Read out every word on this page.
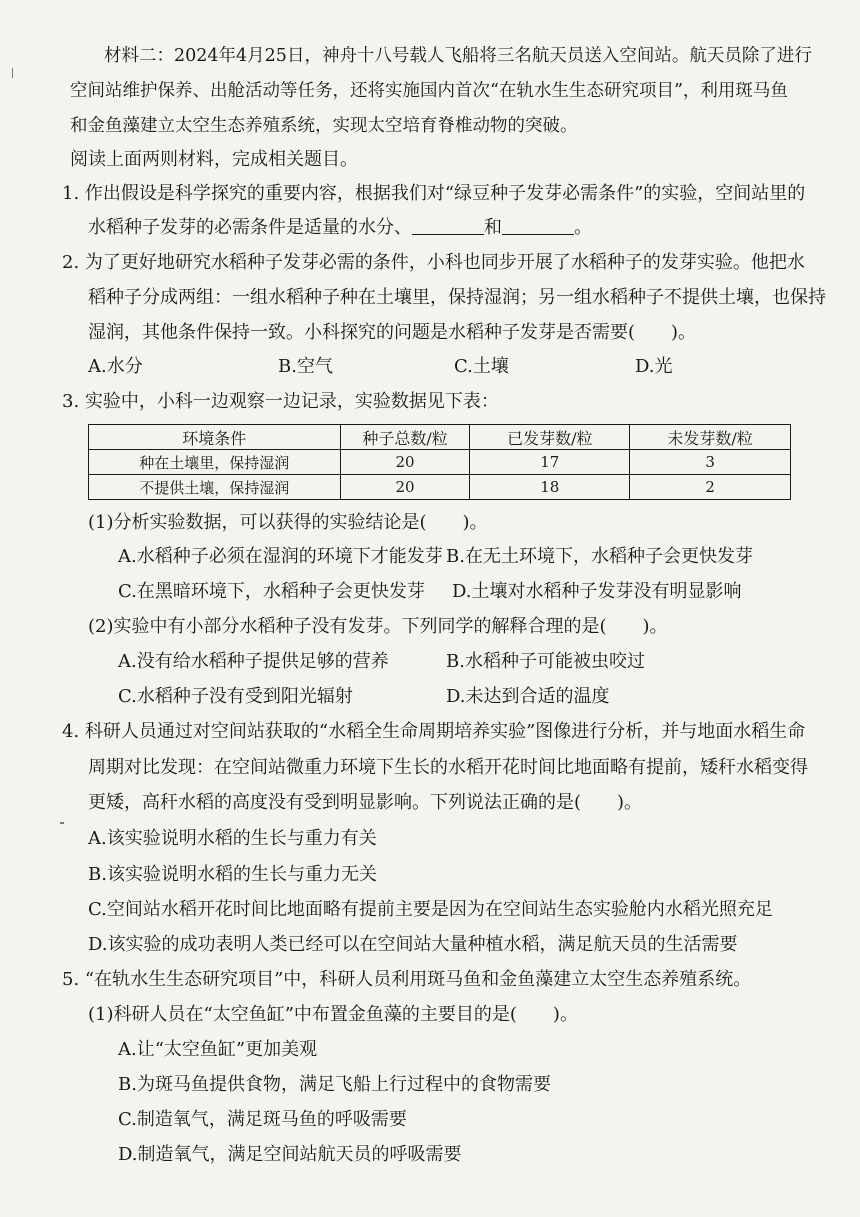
材料二：2024年4月25日，神舟十八号载人飞船将三名航天员送入空间站。航天员除了进行
空间站维护保养、出舱活动等任务，还将实施国内首次“在轨水生生态研究项目”，利用斑马鱼
和金鱼藻建立太空生态养殖系统，实现太空培育脊椎动物的突破。
阅读上面两则材料，完成相关题目。
1. 作出假设是科学探究的重要内容，根据我们对“绿豆种子发芽必需条件”的实验，空间站里的
水稻种子发芽的必需条件是适量的水分、	和	。
2. 为了更好地研究水稻种子发芽必需的条件，小科也同步开展了水稻种子的发芽实验。他把水
稻种子分成两组：一组水稻种子种在土壤里，保持湿润；另一组水稻种子不提供土壤，也保持
湿润，其他条件保持一致。小科探究的问题是水稻种子发芽是否需要(　　)。
A.水分	B.空气	C.土壤	D.光
3. 实验中，小科一边观察一边记录，实验数据见下表：
环境条件	种子总数/粒	已发芽数/粒	未发芽数/粒
种在土壤里，保持湿润	20	17	3
不提供土壤，保持湿润	20	18	2
(1)分析实验数据，可以获得的实验结论是(　　)。
A.水稻种子必须在湿润的环境下才能发芽 B.在无土环境下，水稻种子会更快发芽
C.在黑暗环境下，水稻种子会更快发芽 D.土壤对水稻种子发芽没有明显影响
(2)实验中有小部分水稻种子没有发芽。下列同学的解释合理的是(　　)。
A.没有给水稻种子提供足够的营养	B.水稻种子可能被虫咬过
C.水稻种子没有受到阳光辐射	D.未达到合适的温度
4. 科研人员通过对空间站获取的“水稻全生命周期培养实验”图像进行分析，并与地面水稻生命
周期对比发现：在空间站微重力环境下生长的水稻开花时间比地面略有提前，矮秆水稻变得
更矮，高秆水稻的高度没有受到明显影响。下列说法正确的是(　　)。
A.该实验说明水稻的生长与重力有关
B.该实验说明水稻的生长与重力无关
C.空间站水稻开花时间比地面略有提前主要是因为在空间站生态实验舱内水稻光照充足
D.该实验的成功表明人类已经可以在空间站大量种植水稻，满足航天员的生活需要
5. “在轨水生生态研究项目”中，科研人员利用斑马鱼和金鱼藻建立太空生态养殖系统。
(1)科研人员在“太空鱼缸”中布置金鱼藻的主要目的是(　　)。
A.让“太空鱼缸”更加美观
B.为斑马鱼提供食物，满足飞船上行过程中的食物需要
C.制造氧气，满足斑马鱼的呼吸需要
D.制造氧气，满足空间站航天员的呼吸需要
